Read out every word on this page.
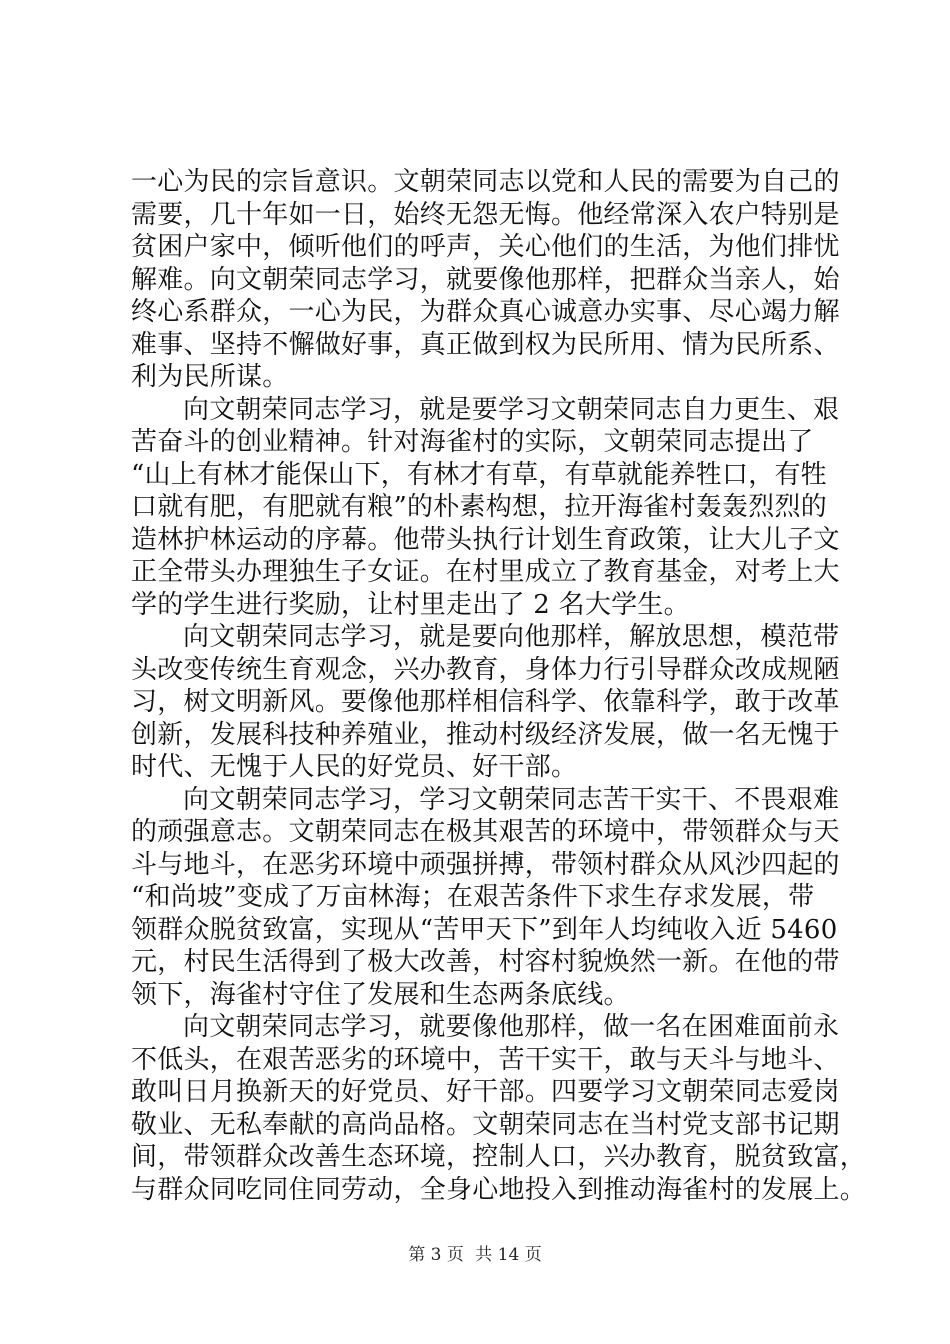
一心为民的宗旨意识。文朝荣同志以党和人民的需要为自己的
需要，几十年如一日，始终无怨无悔。他经常深入农户特别是
贫困户家中，倾听他们的呼声，关心他们的生活，为他们排忧
解难。向文朝荣同志学习，就要像他那样，把群众当亲人，始
终心系群众，一心为民，为群众真心诚意办实事、尽心竭力解
难事、坚持不懈做好事，真正做到权为民所用、情为民所系、
利为民所谋。
向文朝荣同志学习，就是要学习文朝荣同志自力更生、艰
苦奋斗的创业精神。针对海雀村的实际，文朝荣同志提出了
“山上有林才能保山下，有林才有草，有草就能养牲口，有牲
口就有肥，有肥就有粮”的朴素构想，拉开海雀村轰轰烈烈的
造林护林运动的序幕。他带头执行计划生育政策，让大儿子文
正全带头办理独生子女证。在村里成立了教育基金，对考上大
学的学生进行奖励，让村里走出了 2 名大学生。
向文朝荣同志学习，就是要向他那样，解放思想，模范带
头改变传统生育观念，兴办教育，身体力行引导群众改成规陋
习，树文明新风。要像他那样相信科学、依靠科学，敢于改革
创新，发展科技种养殖业，推动村级经济发展，做一名无愧于
时代、无愧于人民的好党员、好干部。
向文朝荣同志学习，学习文朝荣同志苦干实干、不畏艰难
的顽强意志。文朝荣同志在极其艰苦的环境中，带领群众与天
斗与地斗，在恶劣环境中顽强拼搏，带领村群众从风沙四起的
“和尚坡”变成了万亩林海；在艰苦条件下求生存求发展，带
领群众脱贫致富，实现从“苦甲天下”到年人均纯收入近 5460
元，村民生活得到了极大改善，村容村貌焕然一新。在他的带
领下，海雀村守住了发展和生态两条底线。
向文朝荣同志学习，就要像他那样，做一名在困难面前永
不低头，在艰苦恶劣的环境中，苦干实干，敢与天斗与地斗、
敢叫日月换新天的好党员、好干部。四要学习文朝荣同志爱岗
敬业、无私奉献的高尚品格。文朝荣同志在当村党支部书记期
间，带领群众改善生态环境，控制人口，兴办教育，脱贫致富，
与群众同吃同住同劳动，全身心地投入到推动海雀村的发展上。
第 3 页 共 14 页
